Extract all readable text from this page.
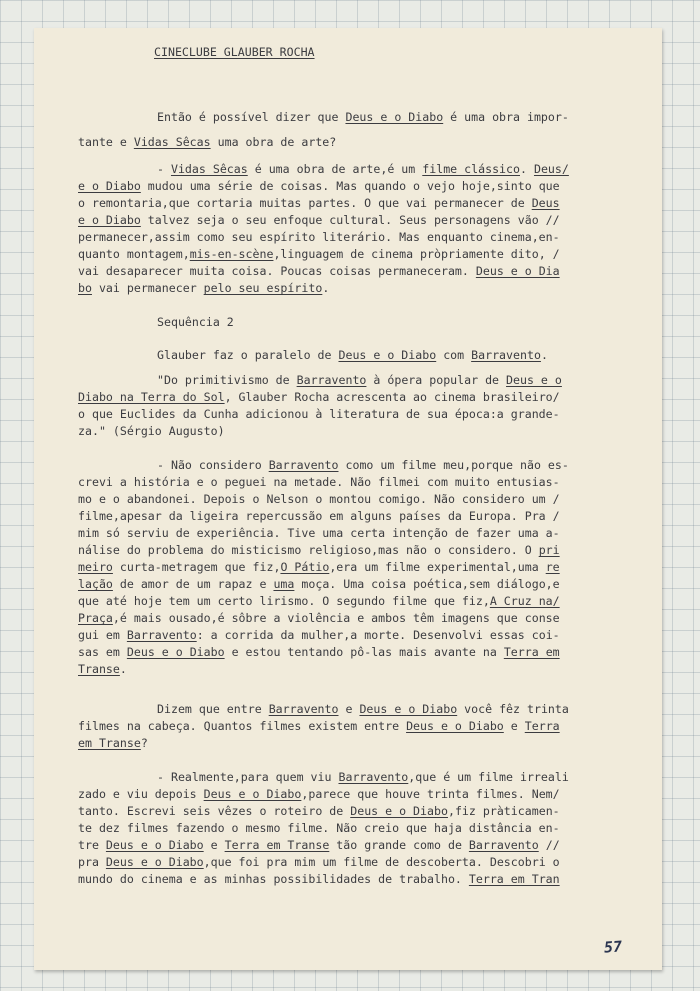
CINECLUBE GLAUBER ROCHA

Então é possível dizer que Deus e o Diabo é uma obra impor-

tante e Vidas Sêcas uma obra de arte?

- Vidas Sêcas é uma obra de arte,é um filme clássico. Deus/

e o Diabo mudou uma série de coisas. Mas quando o vejo hoje,sinto que

o remontaria,que cortaria muitas partes. O que vai permanecer de Deus

e o Diabo talvez seja o seu enfoque cultural. Seus personagens vão //

permanecer,assim como seu espírito literário. Mas enquanto cinema,en-

quanto montagem,mis-en-scène,linguagem de cinema pròpriamente dito, /

vai desaparecer muita coisa. Poucas coisas permaneceram. Deus e o Dia

bo vai permanecer pelo seu espírito.

Sequência 2

Glauber faz o paralelo de Deus e o Diabo com Barravento.

"Do primitivismo de Barravento à ópera popular de Deus e o

Diabo na Terra do Sol, Glauber Rocha acrescenta ao cinema brasileiro/

o que Euclides da Cunha adicionou à literatura de sua época:a grande-

za." (Sérgio Augusto)

- Não considero Barravento como um filme meu,porque não es-

crevi a história e o peguei na metade. Não filmei com muito entusias-

mo e o abandonei. Depois o Nelson o montou comigo. Não considero um /

filme,apesar da ligeira repercussão em alguns países da Europa. Pra /

mim só serviu de experiência. Tive uma certa intenção de fazer uma a-

nálise do problema do misticismo religioso,mas não o considero. O pri

meiro curta-metragem que fiz,O Pátio,era um filme experimental,uma re

lação de amor de um rapaz e uma moça. Uma coisa poética,sem diálogo,e

que até hoje tem um certo lirismo. O segundo filme que fiz,A Cruz na/

Praça,é mais ousado,é sôbre a violência e ambos têm imagens que conse

gui em Barravento: a corrida da mulher,a morte. Desenvolvi essas coi-

sas em Deus e o Diabo e estou tentando pô-las mais avante na Terra em

Transe.

Dizem que entre Barravento e Deus e o Diabo você fêz trinta

filmes na cabeça. Quantos filmes existem entre Deus e o Diabo e Terra

em Transe?

- Realmente,para quem viu Barravento,que é um filme irreali

zado e viu depois Deus e o Diabo,parece que houve trinta filmes. Nem/

tanto. Escrevi seis vêzes o roteiro de Deus e o Diabo,fiz pràticamen-

te dez filmes fazendo o mesmo filme. Não creio que haja distância en-

tre Deus e o Diabo e Terra em Transe tão grande como de Barravento //

pra Deus e o Diabo,que foi pra mim um filme de descoberta. Descobri o

mundo do cinema e as minhas possibilidades de trabalho. Terra em Tran

57
